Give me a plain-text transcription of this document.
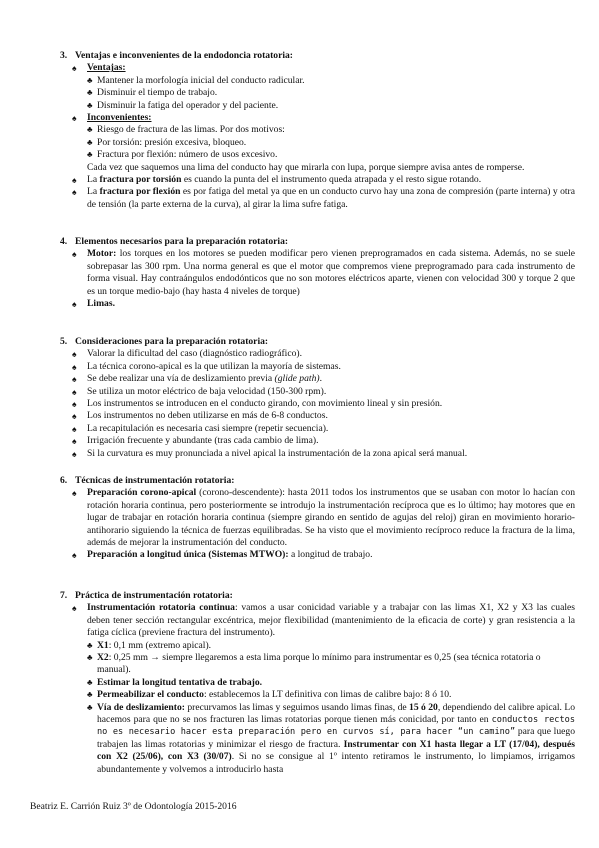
3. Ventajas e inconvenientes de la endodoncia rotatoria:
♠ Ventajas:
♣ Mantener la morfología inicial del conducto radicular.
♣ Disminuir el tiempo de trabajo.
♣ Disminuir la fatiga del operador y del paciente.
♠ Inconvenientes:
♣ Riesgo de fractura de las limas. Por dos motivos:
♣ Por torsión: presión excesiva, bloqueo.
♣ Fractura por flexión: número de usos excesivo.
Cada vez que saquemos una lima del conducto hay que mirarla con lupa, porque siempre avisa antes de romperse.
♠ La fractura por torsión es cuando la punta del el instrumento queda atrapada y el resto sigue rotando.
♠ La fractura por flexión es por fatiga del metal ya que en un conducto curvo hay una zona de compresión (parte interna) y otra de tensión (la parte externa de la curva), al girar la lima sufre fatiga.
4. Elementos necesarios para la preparación rotatoria:
♠ Motor: los torques en los motores se pueden modificar pero vienen preprogramados en cada sistema. Además, no se suele sobrepasar las 300 rpm. Una norma general es que el motor que compremos viene preprogramado para cada instrumento de forma visual. Hay contraángulos endodónticos que no son motores eléctricos aparte, vienen con velocidad 300 y torque 2 que es un torque medio-bajo (hay hasta 4 niveles de torque)
♠ Limas.
5. Consideraciones para la preparación rotatoria:
♠ Valorar la dificultad del caso (diagnóstico radiográfico).
♠ La técnica corono-apical es la que utilizan la mayoría de sistemas.
♠ Se debe realizar una vía de deslizamiento previa (glide path).
♠ Se utiliza un motor eléctrico de baja velocidad (150-300 rpm).
♠ Los instrumentos se introducen en el conducto girando, con movimiento lineal y sin presión.
♠ Los instrumentos no deben utilizarse en más de 6-8 conductos.
♠ La recapitulación es necesaria casi siempre (repetir secuencia).
♠ Irrigación frecuente y abundante (tras cada cambio de lima).
♠ Si la curvatura es muy pronunciada a nivel apical la instrumentación de la zona apical será manual.
6. Técnicas de instrumentación rotatoria:
♠ Preparación corono-apical (corono-descendente): hasta 2011 todos los instrumentos que se usaban con motor lo hacían con rotación horaria continua, pero posteriormente se introdujo la instrumentación recíproca que es lo último; hay motores que en lugar de trabajar en rotación horaria continua (siempre girando en sentido de agujas del reloj) giran en movimiento horario-antihorario siguiendo la técnica de fuerzas equilibradas. Se ha visto que el movimiento recíproco reduce la fractura de la lima, además de mejorar la instrumentación del conducto.
♠ Preparación a longitud única (Sistemas MTWO): a longitud de trabajo.
7. Práctica de instrumentación rotatoria:
♠ Instrumentación rotatoria continua: vamos a usar conicidad variable y a trabajar con las limas X1, X2 y X3 las cuales deben tener sección rectangular excéntrica, mejor flexibilidad (mantenimiento de la eficacia de corte) y gran resistencia a la fatiga cíclica (previene fractura del instrumento).
♣ X1: 0,1 mm (extremo apical).
♣ X2: 0,25 mm → siempre llegaremos a esta lima porque lo mínimo para instrumentar es 0,25 (sea técnica rotatoria o manual).
♣ Estimar la longitud tentativa de trabajo.
♣ Permeabilizar el conducto: establecemos la LT definitiva con limas de calibre bajo: 8 ó 10.
♣ Vía de deslizamiento: precurvamos las limas y seguimos usando limas finas, de 15 ó 20, dependiendo del calibre apical. Lo hacemos para que no se nos fracturen las limas rotatorias porque tienen más conicidad, por tanto en conductos rectos no es necesario hacer esta preparación pero en curvos sí, para hacer “un camino” para que luego trabajen las limas rotatorias y minimizar el riesgo de fractura. Instrumentar con X1 hasta llegar a LT (17/04), después con X2 (25/06), con X3 (30/07). Si no se consigue al 1º intento retiramos le instrumento, lo limpiamos, irrigamos abundantemente y volvemos a introducirlo hasta
Beatriz E. Carrión Ruiz 3º de Odontología 2015-2016
